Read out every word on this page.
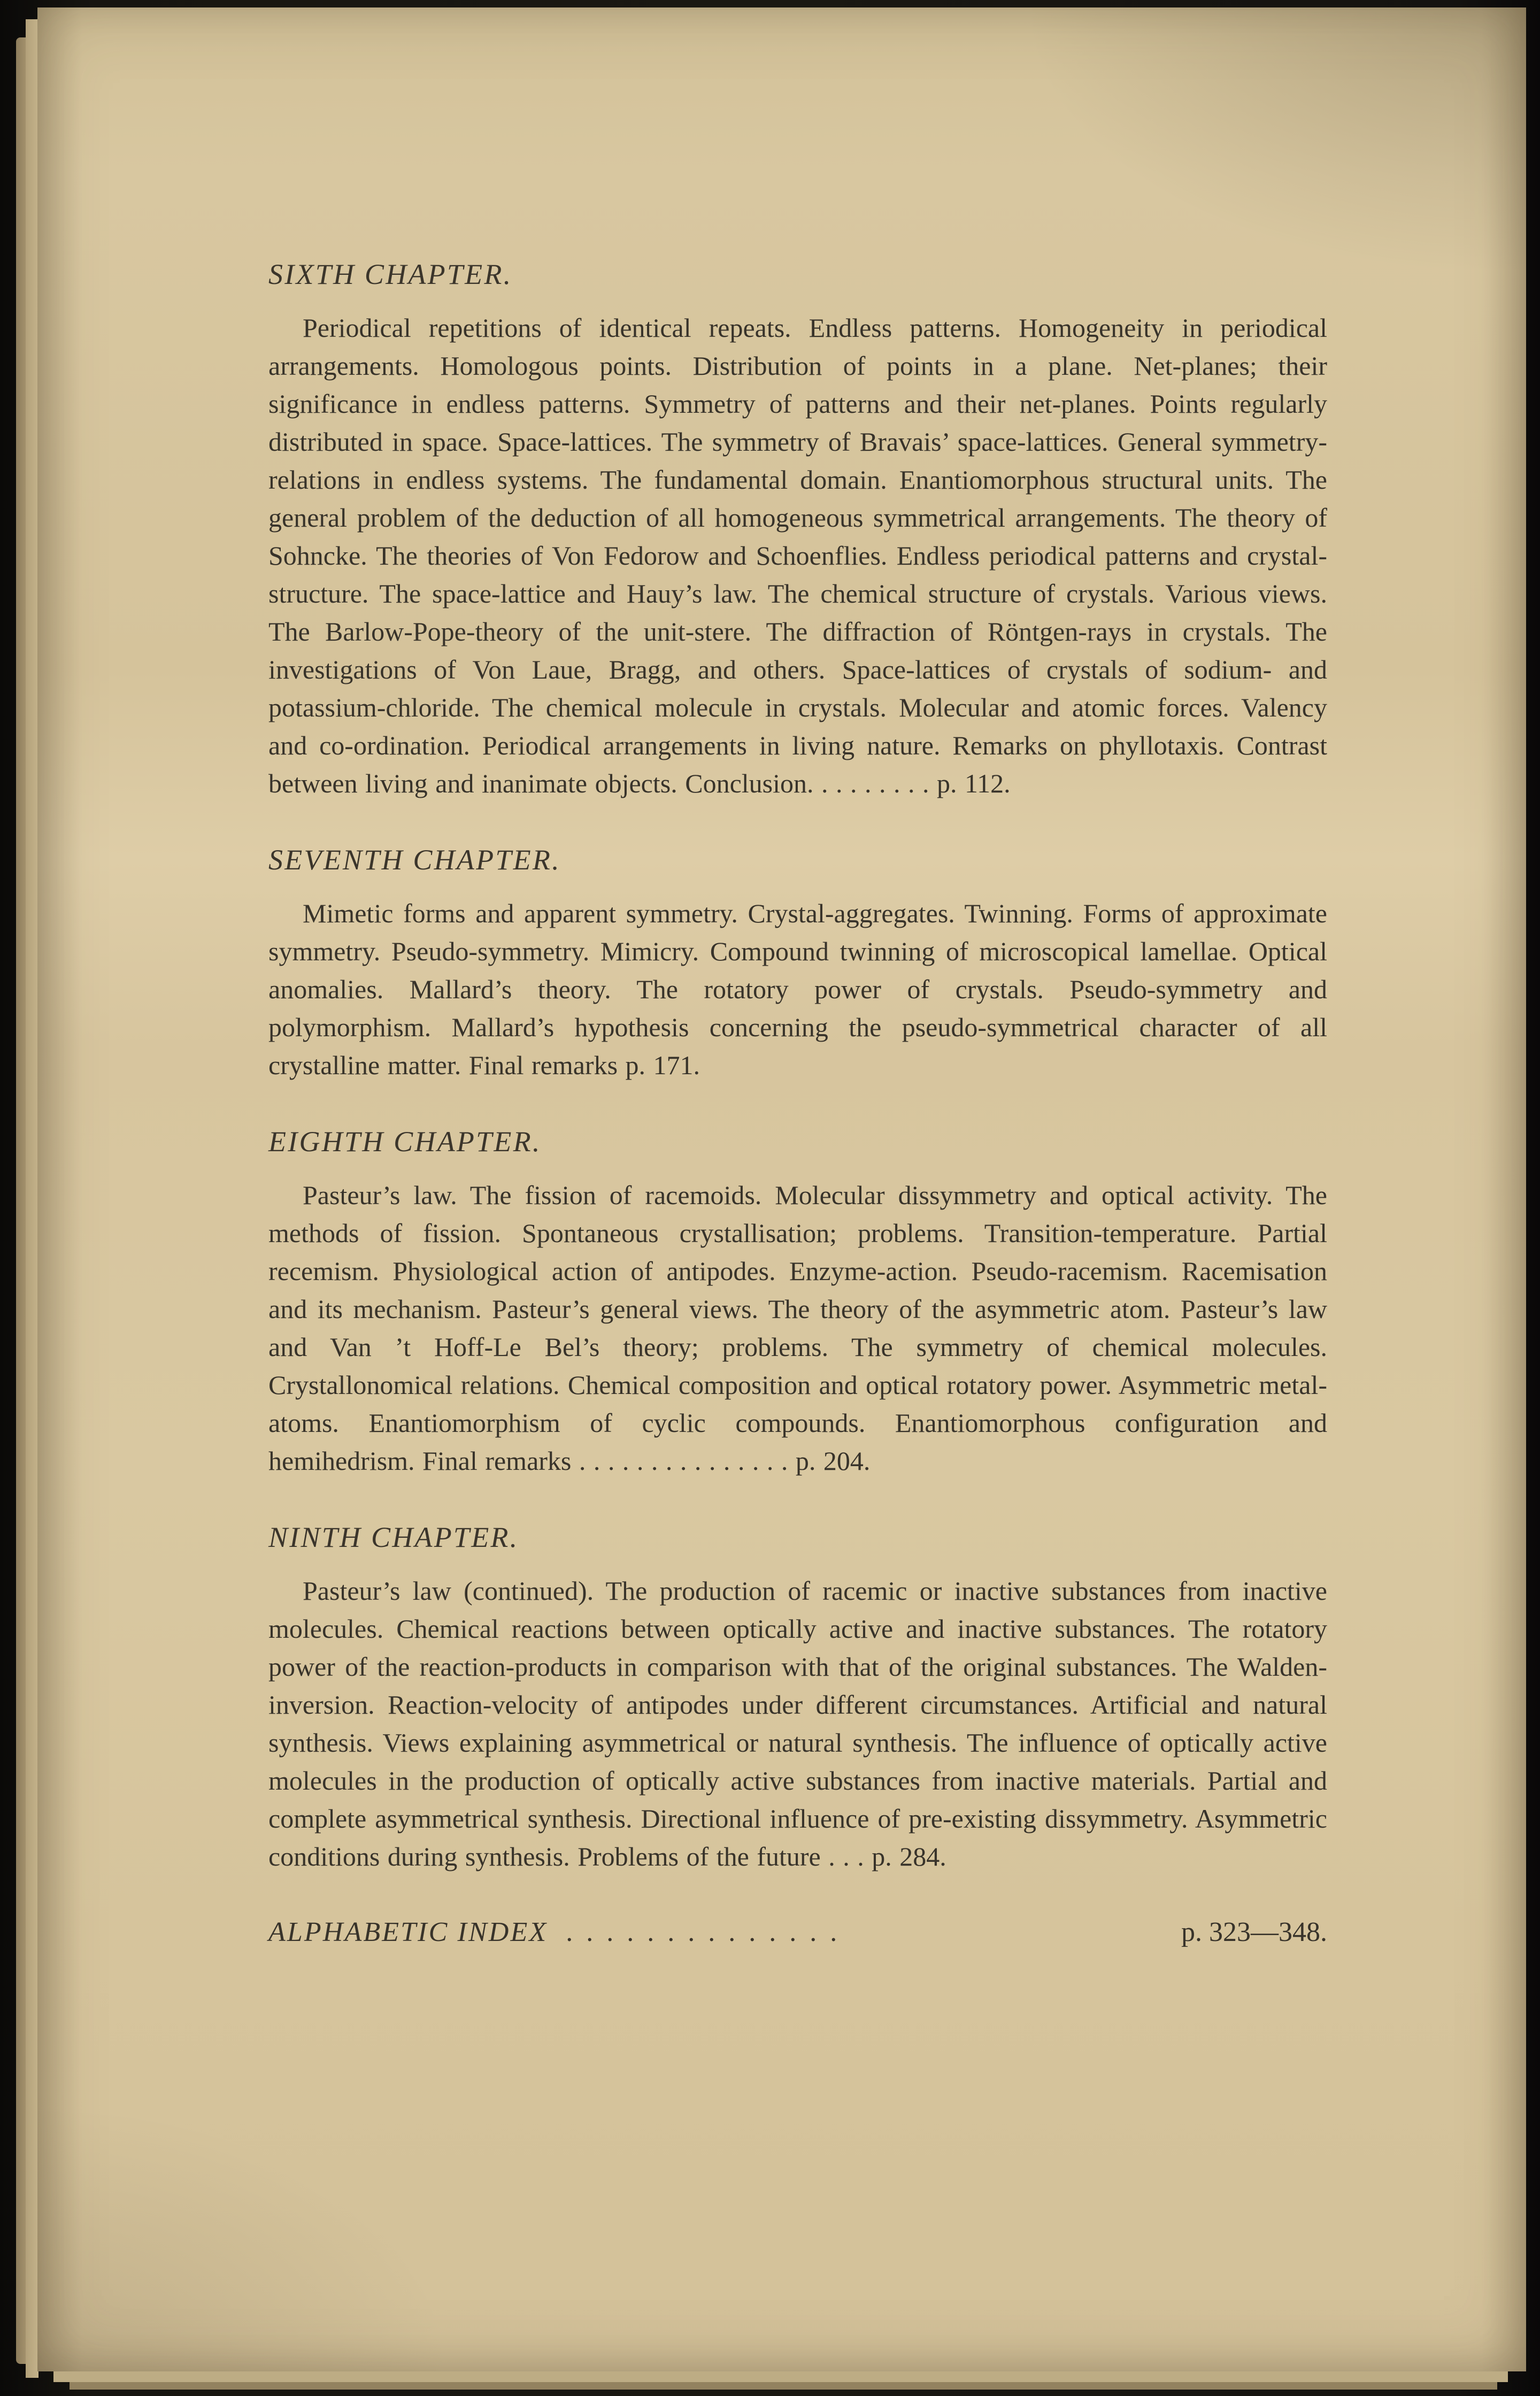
SIXTH CHAPTER.

Periodical repetitions of identical repeats. Endless patterns. Homogeneity in periodical arrangements. Homologous points. Distribution of points in a plane. Net-planes; their significance in endless patterns. Symmetry of patterns and their net-planes. Points regularly distributed in space. Space-lattices. The symmetry of Bravais’ space-lattices. General symmetry-relations in endless systems. The fundamental domain. Enantiomorphous structural units. The general problem of the deduction of all homogeneous symmetrical arrangements. The theory of Sohncke. The theories of Von Fedorow and Schoenflies. Endless periodical patterns and crystal-structure. The space-lattice and Hauy’s law. The chemical structure of crystals. Various views. The Barlow-Pope-theory of the unit-stere. The diffraction of Röntgen-rays in crystals. The investigations of Von Laue, Bragg, and others. Space-lattices of crystals of sodium- and potassium-chloride. The chemical molecule in crystals. Molecular and atomic forces. Valency and co-ordination. Periodical arrangements in living nature. Remarks on phyllotaxis. Contrast between living and inanimate objects. Conclusion. . . . . . . . . p. 112.

SEVENTH CHAPTER.

Mimetic forms and apparent symmetry. Crystal-aggregates. Twinning. Forms of approximate symmetry. Pseudo-symmetry. Mimicry. Compound twinning of microscopical lamellae. Optical anomalies. Mallard’s theory. The rotatory power of crystals. Pseudo-symmetry and polymorphism. Mallard’s hypothesis concerning the pseudo-symmetrical character of all crystalline matter. Final remarks p. 171.

EIGHTH CHAPTER.

Pasteur’s law. The fission of racemoids. Molecular dissymmetry and optical activity. The methods of fission. Spontaneous crystallisation; problems. Transition-temperature. Partial recemism. Physiological action of antipodes. Enzyme-action. Pseudo-racemism. Racemisation and its mechanism. Pasteur’s general views. The theory of the asymmetric atom. Pasteur’s law and Van ’t Hoff-Le Bel’s theory; problems. The symmetry of chemical molecules. Crystallonomical relations. Chemical composition and optical rotatory power. Asymmetric metal-atoms. Enantiomorphism of cyclic compounds. Enantiomorphous configuration and hemihedrism. Final remarks . . . . . . . . . . . . . . . p. 204.

NINTH CHAPTER.

Pasteur’s law (continued). The production of racemic or inactive substances from inactive molecules. Chemical reactions between optically active and inactive substances. The rotatory power of the reaction-products in comparison with that of the original substances. The Walden-inversion. Reaction-velocity of antipodes under different circumstances. Artificial and natural synthesis. Views explaining asymmetrical or natural synthesis. The influence of optically active molecules in the production of optically active substances from inactive materials. Partial and complete asymmetrical synthesis. Directional influence of pre-existing dissymmetry. Asymmetric conditions during synthesis. Problems of the future . . . p. 284.

ALPHABETIC INDEX . . . . . . . . . . . . . .	p. 323—348.
